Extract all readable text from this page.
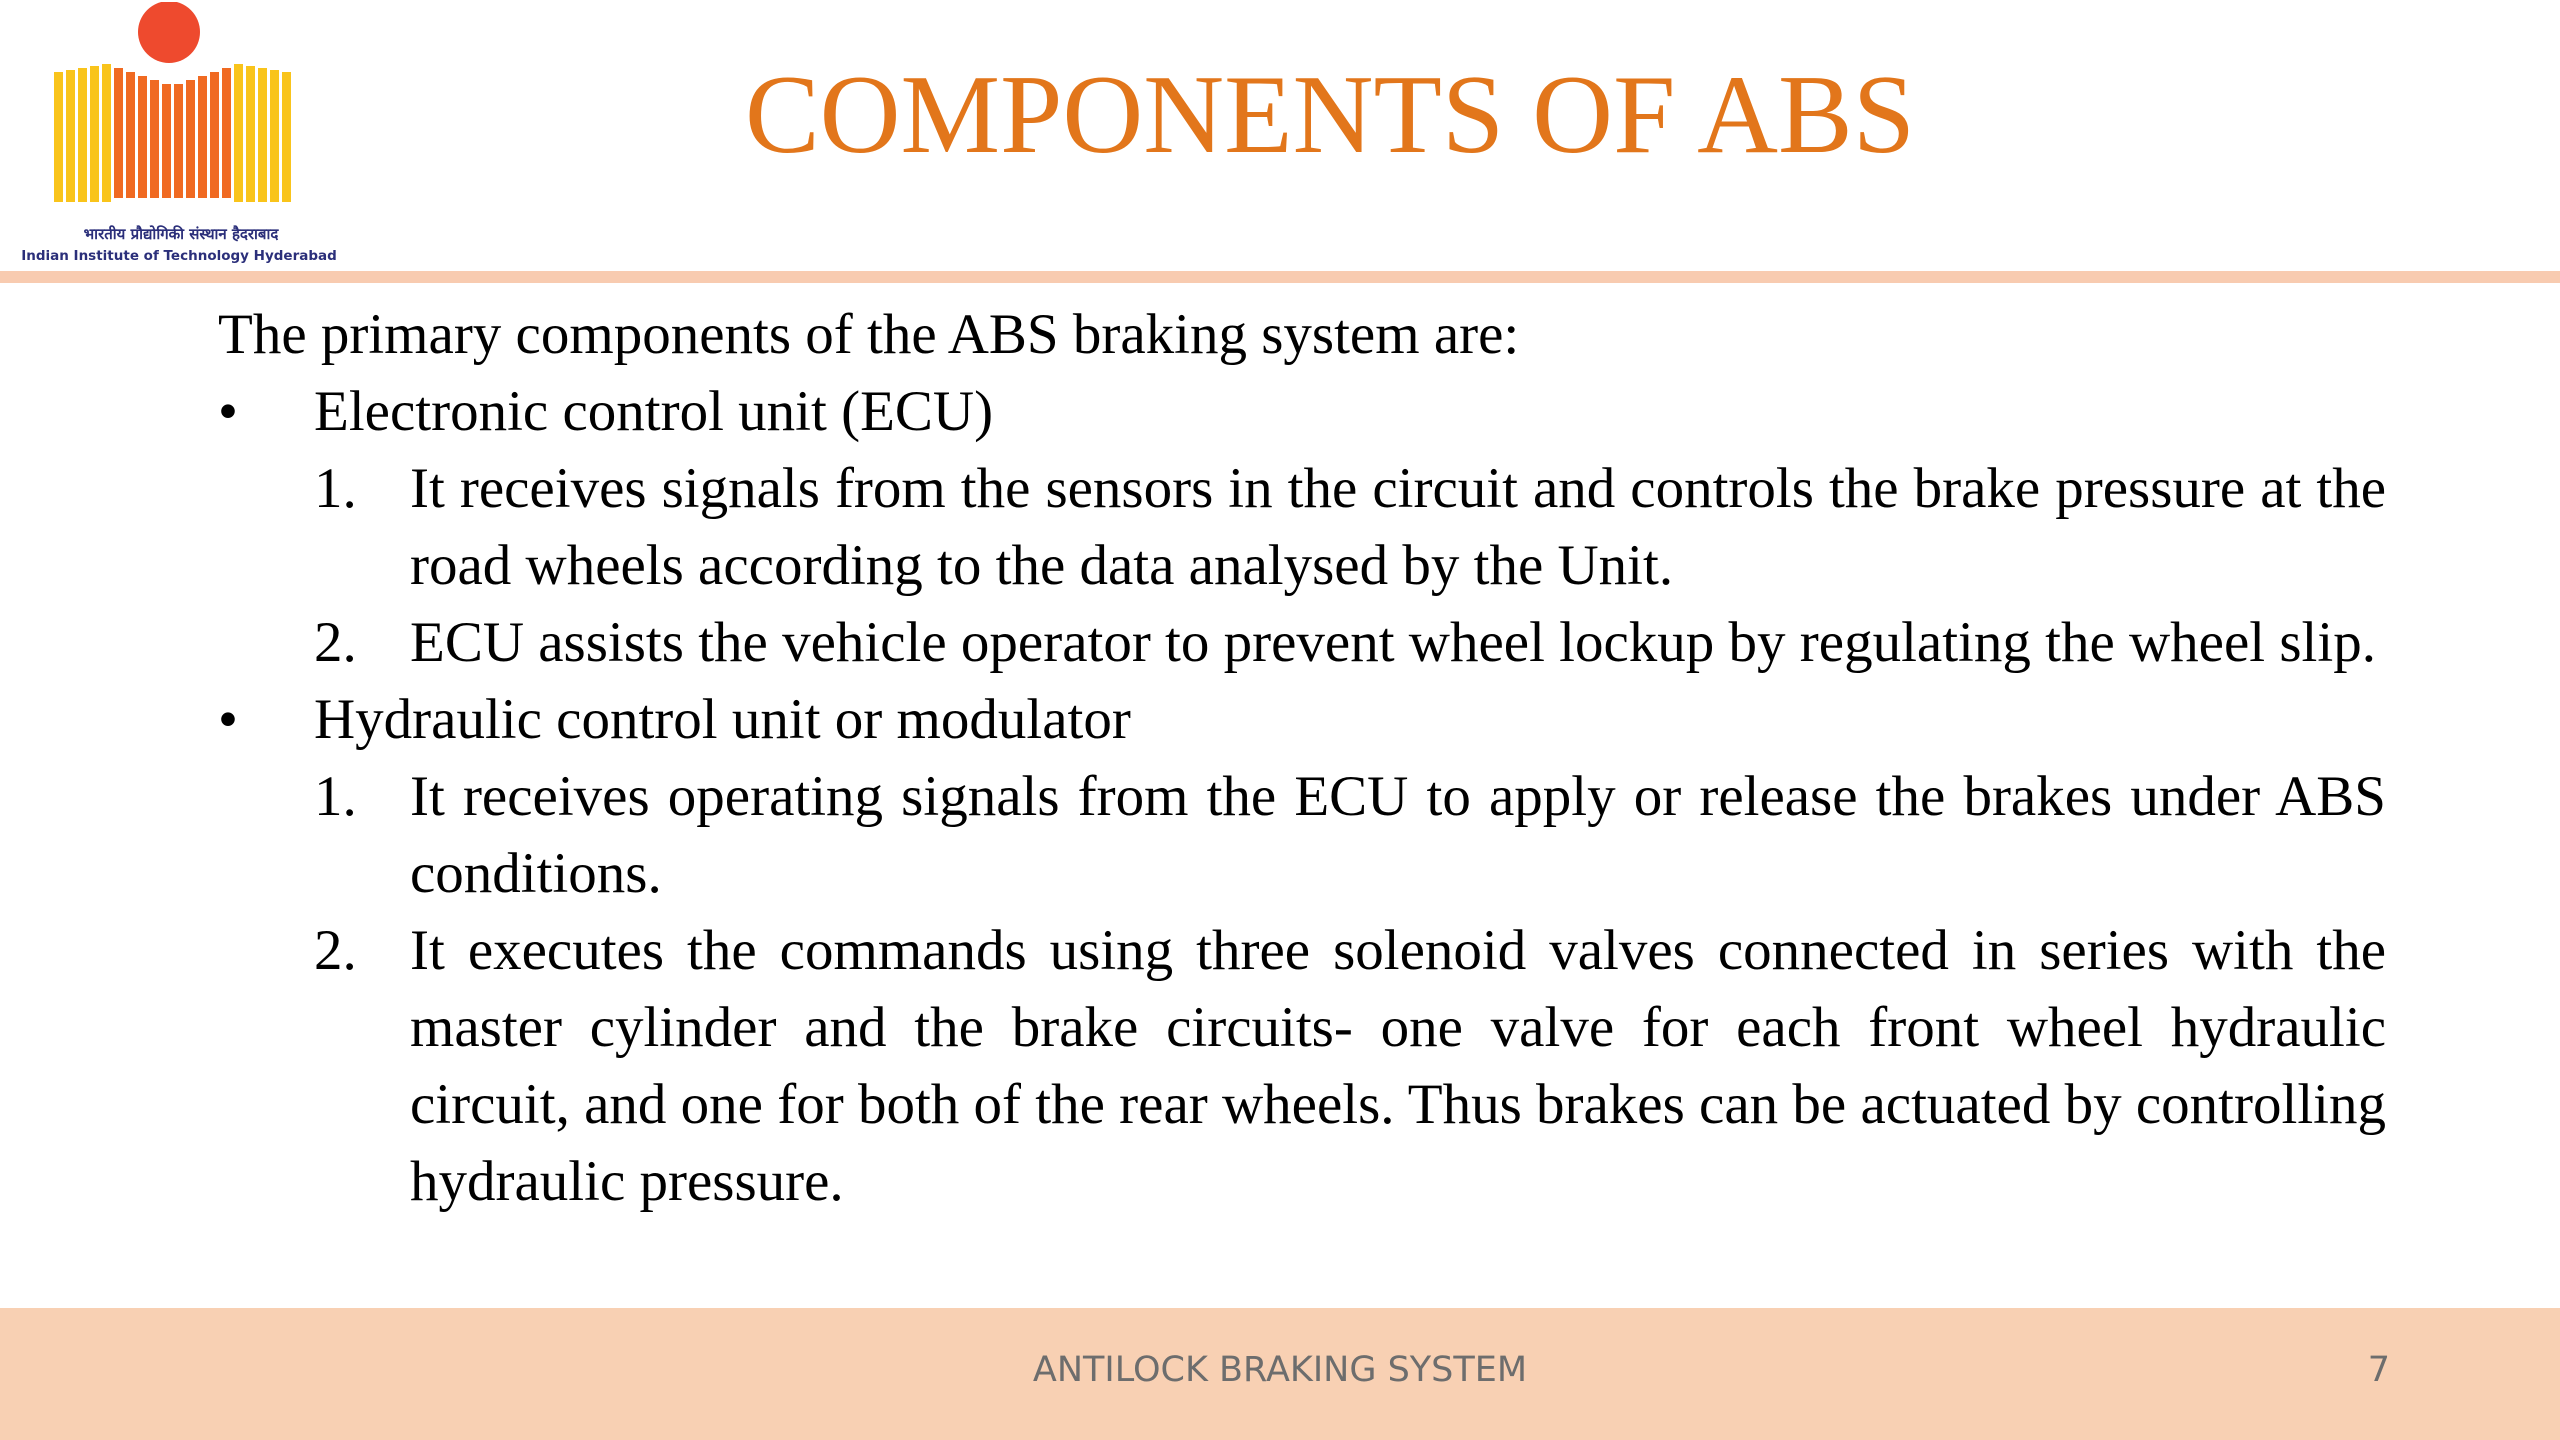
भारतीय प्रौद्योगिकी संस्थान हैदराबाद
Indian Institute of Technology Hyderabad
COMPONENTS OF ABS

The primary components of the ABS braking system are:

• Electronic control unit (ECU)
1. It receives signals from the sensors in the circuit and controls the brake pressure at the road wheels according to the data analysed by the Unit.
2. ECU assists the vehicle operator to prevent wheel lockup by regulating the wheel slip.
• Hydraulic control unit or modulator
1. It receives operating signals from the ECU to apply or release the brakes under ABS conditions.
2. It executes the commands using three solenoid valves connected in series with the master cylinder and the brake circuits- one valve for each front wheel hydraulic circuit, and one for both of the rear wheels. Thus brakes can be actuated by controlling hydraulic pressure.
ANTILOCK BRAKING SYSTEM	7
